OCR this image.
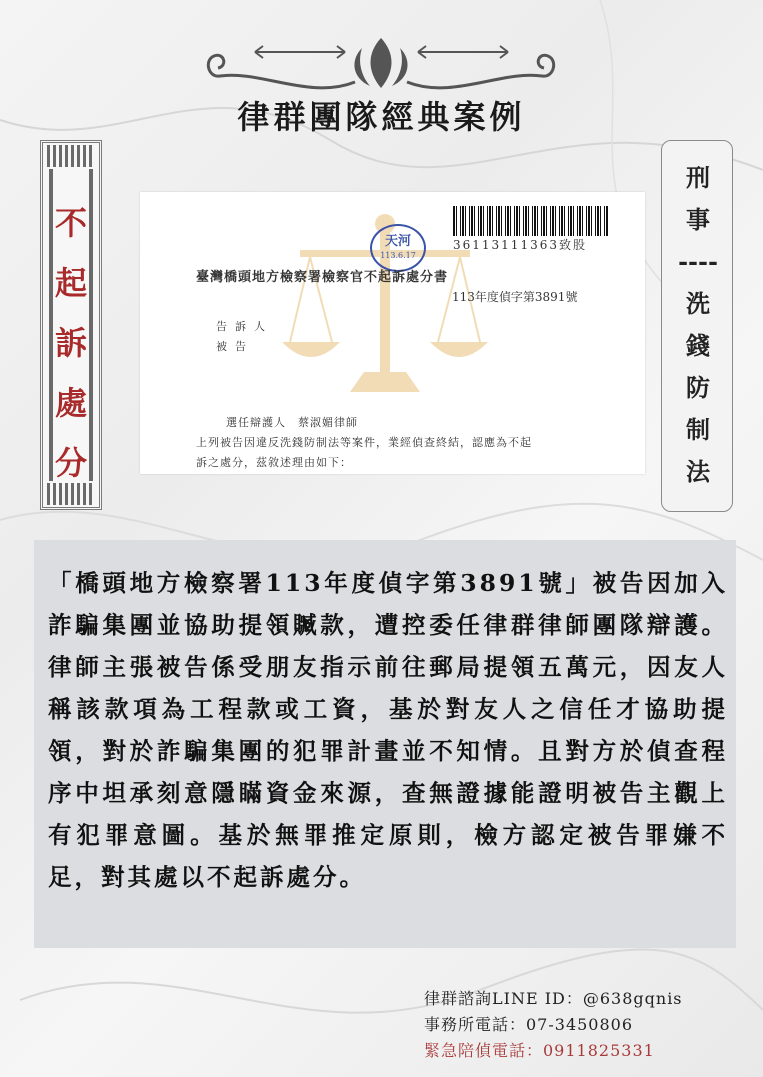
律群團隊經典案例
不
起
訴
處
分
刑
事
----
洗
錢
防
制
法
36113111363致股
天河
113.6.17
臺灣橋頭地方檢察署檢察官不起訴處分書
113年度偵字第3891號
告訴人
被告
選任辯護人　蔡淑媚律師
上列被告因違反洗錢防制法等案件，業經偵查終結，認應為不起
訴之處分，茲敘述理由如下：
「橋頭地方檢察署113年度偵字第3891號」被告因加入詐騙集團並協助提領贓款，遭控委任律群律師團隊辯護。律師主張被告係受朋友指示前往郵局提領五萬元，因友人稱該款項為工程款或工資，基於對友人之信任才協助提領，對於詐騙集團的犯罪計畫並不知情。且對方於偵查程序中坦承刻意隱瞞資金來源，查無證據能證明被告主觀上有犯罪意圖。基於無罪推定原則，檢方認定被告罪嫌不足，對其處以不起訴處分。
律群諮詢LINE ID：@638gqnis
事務所電話：07-3450806
緊急陪偵電話：0911825331
